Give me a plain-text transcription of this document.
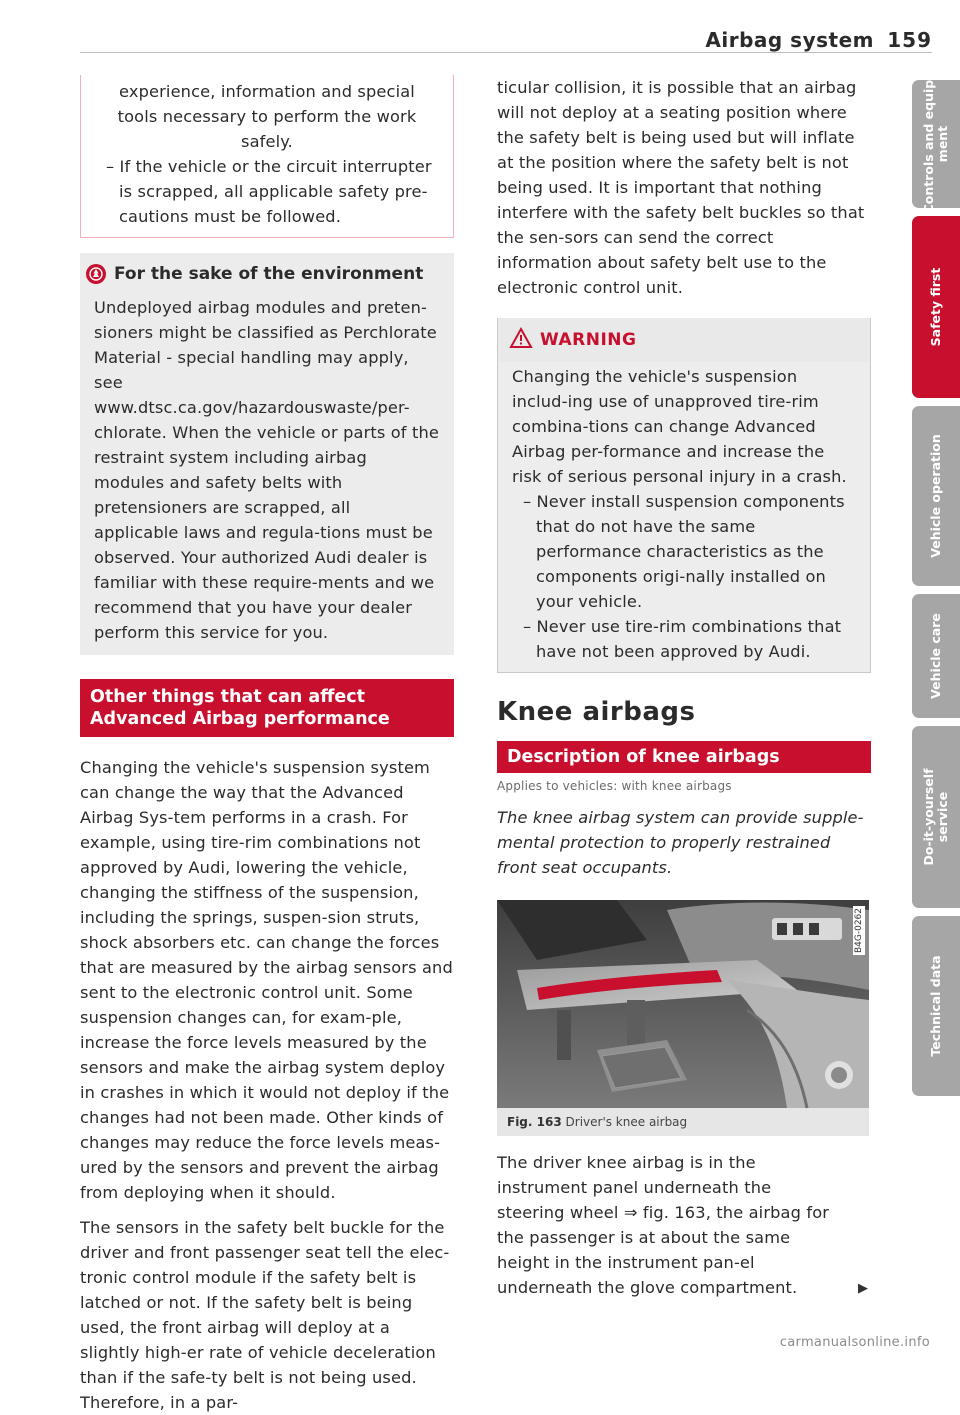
Airbag system 159

experience, information and special

tools necessary to perform the work

safely.

– If the vehicle or the circuit interrupter is scrapped, all applicable safety pre-cautions must be followed.

For the sake of the environment

Undeployed airbag modules and preten-sioners might be classified as Perchlorate Material - special handling may apply, see www.dtsc.ca.gov/hazardouswaste/per-chlorate. When the vehicle or parts of the restraint system including airbag modules and safety belts with pretensioners are scrapped, all applicable laws and regula-tions must be observed. Your authorized Audi dealer is familiar with these require-ments and we recommend that you have your dealer perform this service for you.

Other things that can affect Advanced Airbag performance

Changing the vehicle's suspension system can change the way that the Advanced Airbag Sys-tem performs in a crash. For example, using tire-rim combinations not approved by Audi, lowering the vehicle, changing the stiffness of the suspension, including the springs, suspen-sion struts, shock absorbers etc. can change the forces that are measured by the airbag sensors and sent to the electronic control unit. Some suspension changes can, for exam-ple, increase the force levels measured by the sensors and make the airbag system deploy in crashes in which it would not deploy if the changes had not been made. Other kinds of changes may reduce the force levels meas-ured by the sensors and prevent the airbag from deploying when it should.

The sensors in the safety belt buckle for the driver and front passenger seat tell the elec-tronic control module if the safety belt is latched or not. If the safety belt is being used, the front airbag will deploy at a slightly high-er rate of vehicle deceleration than if the safe-ty belt is not being used. Therefore, in a par-

ticular collision, it is possible that an airbag will not deploy at a seating position where the safety belt is being used but will inflate at the position where the safety belt is not being used. It is important that nothing interfere with the safety belt buckles so that the sen-sors can send the correct information about safety belt use to the electronic control unit.

WARNING

Changing the vehicle's suspension includ-ing use of unapproved tire-rim combina-tions can change Advanced Airbag per-formance and increase the risk of serious personal injury in a crash.

– Never install suspension components that do not have the same performance characteristics as the components origi-nally installed on your vehicle.

– Never use tire-rim combinations that have not been approved by Audi.

Knee airbags
Description of knee airbags
Applies to vehicles: with knee airbags

The knee airbag system can provide supple-mental protection to properly restrained front seat occupants.

B4G-0262
Fig. 163 Driver's knee airbag

The driver knee airbag is in the instrument panel underneath the steering wheel ⇒ fig. 163, the airbag for the passenger is at about the same height in the instrument pan-el underneath the glove compartment.	▶
Controls and equip-
ment
Safety first
Vehicle operation
Vehicle care
Do-it-yourself
service
Technical data
carmanualsonline.info
